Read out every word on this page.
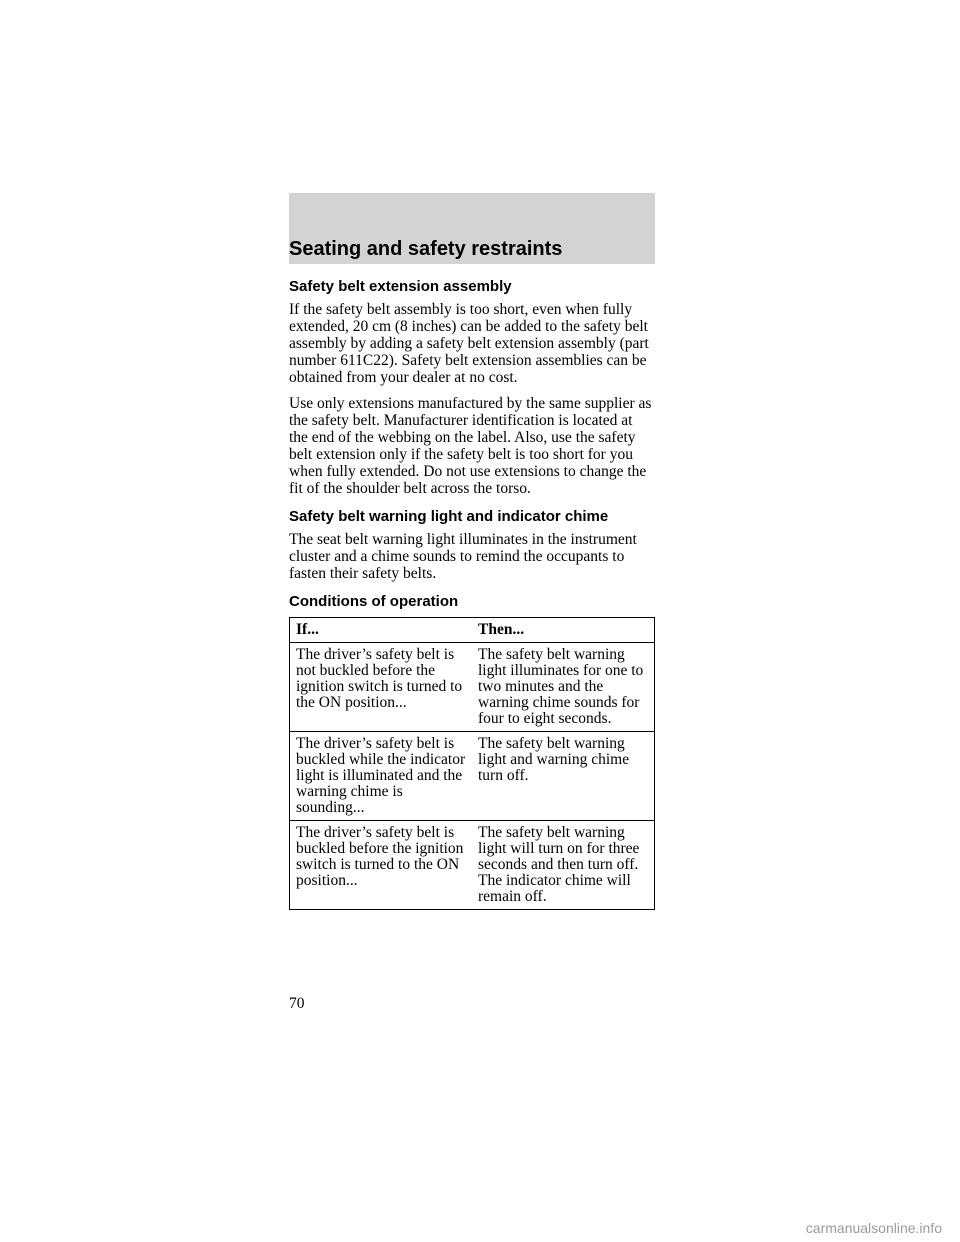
Seating and safety restraints
Safety belt extension assembly

If the safety belt assembly is too short, even when fully extended, 20 cm (8 inches) can be added to the safety belt assembly by adding a safety belt extension assembly (part number 611C22). Safety belt extension assemblies can be obtained from your dealer at no cost.

Use only extensions manufactured by the same supplier as the safety belt. Manufacturer identification is located at the end of the webbing on the label. Also, use the safety belt extension only if the safety belt is too short for you when fully extended. Do not use extensions to change the fit of the shoulder belt across the torso.

Safety belt warning light and indicator chime

The seat belt warning light illuminates in the instrument cluster and a chime sounds to remind the occupants to fasten their safety belts.

Conditions of operation
If...	Then...
The driver’s safety belt is not buckled before the ignition switch is turned to the ON position...	The safety belt warning light illuminates for one to two minutes and the warning chime sounds for four to eight seconds.
The driver’s safety belt is buckled while the indicator light is illuminated and the warning chime is sounding...	The safety belt warning light and warning chime turn off.
The driver’s safety belt is buckled before the ignition switch is turned to the ON position...	The safety belt warning light will turn on for three seconds and then turn off. The indicator chime will remain off.
70
carmanualsonline.info
